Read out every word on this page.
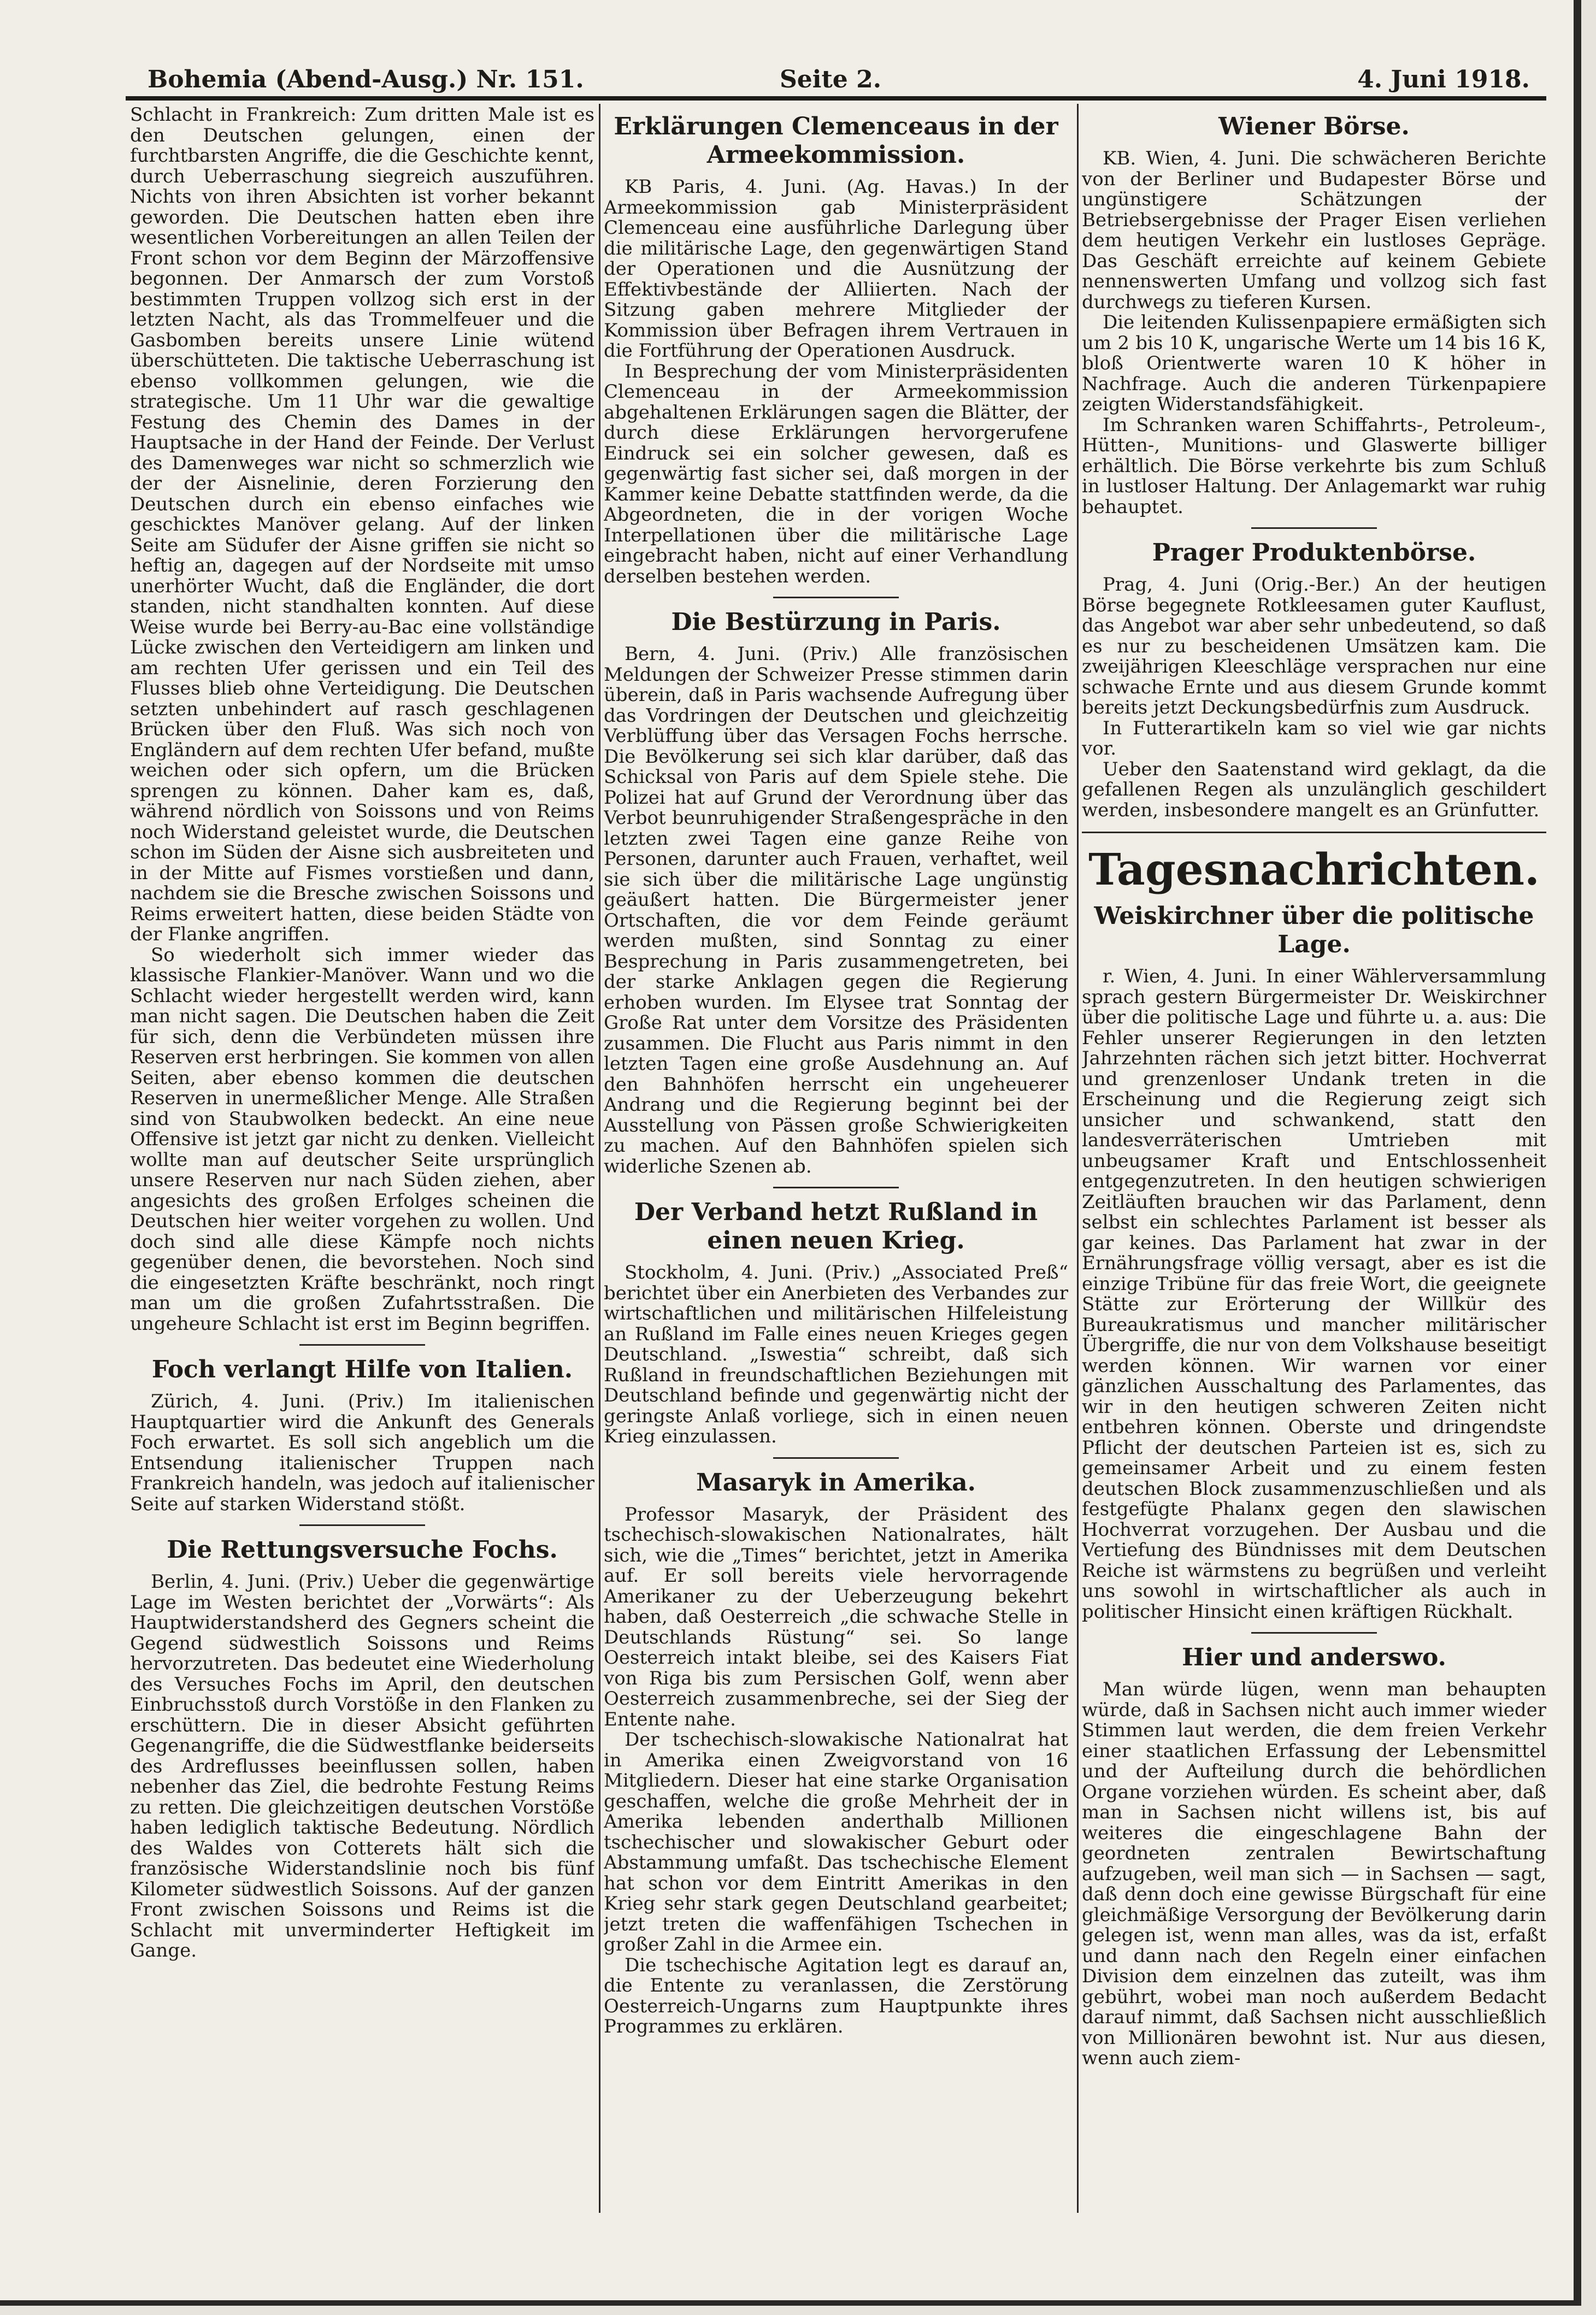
Bohemia (Abend-Ausg.) Nr. 151.	Seite 2.	4. Juni 1918.

Schlacht in Frankreich: Zum dritten Male ist es den Deutschen gelungen, einen der furchtbarsten Angriffe, die die Geschichte kennt, durch Ueberraschung siegreich auszuführen. Nichts von ihren Absichten ist vorher bekannt geworden. Die Deutschen hatten eben ihre wesentlichen Vorbereitungen an allen Teilen der Front schon vor dem Beginn der Märzoffensive begonnen. Der Anmarsch der zum Vorstoß bestimmten Truppen vollzog sich erst in der letzten Nacht, als das Trommelfeuer und die Gasbomben bereits unsere Linie wütend überschütteten. Die taktische Ueberraschung ist ebenso vollkommen gelungen, wie die strategische. Um 11 Uhr war die gewaltige Festung des Chemin des Dames in der Hauptsache in der Hand der Feinde. Der Verlust des Damenweges war nicht so schmerzlich wie der der Aisnelinie, deren Forzierung den Deutschen durch ein ebenso einfaches wie geschicktes Manöver gelang. Auf der linken Seite am Südufer der Aisne griffen sie nicht so heftig an, dagegen auf der Nordseite mit umso unerhörter Wucht, daß die Engländer, die dort standen, nicht standhalten konnten. Auf diese Weise wurde bei Berry-au-Bac eine vollständige Lücke zwischen den Verteidigern am linken und am rechten Ufer gerissen und ein Teil des Flusses blieb ohne Verteidigung. Die Deutschen setzten unbehindert auf rasch geschlagenen Brücken über den Fluß. Was sich noch von Engländern auf dem rechten Ufer befand, mußte weichen oder sich opfern, um die Brücken sprengen zu können. Daher kam es, daß, während nördlich von Soissons und von Reims noch Widerstand geleistet wurde, die Deutschen schon im Süden der Aisne sich ausbreiteten und in der Mitte auf Fismes vorstießen und dann, nachdem sie die Bresche zwischen Soissons und Reims erweitert hatten, diese beiden Städte von der Flanke angriffen.

So wiederholt sich immer wieder das klassische Flankier-Manöver. Wann und wo die Schlacht wieder hergestellt werden wird, kann man nicht sagen. Die Deutschen haben die Zeit für sich, denn die Verbündeten müssen ihre Reserven erst herbringen. Sie kommen von allen Seiten, aber ebenso kommen die deutschen Reserven in unermeßlicher Menge. Alle Straßen sind von Staubwolken bedeckt. An eine neue Offensive ist jetzt gar nicht zu denken. Vielleicht wollte man auf deutscher Seite ursprünglich unsere Reserven nur nach Süden ziehen, aber angesichts des großen Erfolges scheinen die Deutschen hier weiter vorgehen zu wollen. Und doch sind alle diese Kämpfe noch nichts gegenüber denen, die bevorstehen. Noch sind die eingesetzten Kräfte beschränkt, noch ringt man um die großen Zufahrtsstraßen. Die ungeheure Schlacht ist erst im Beginn begriffen.

Foch verlangt Hilfe von Italien.

Zürich, 4. Juni. (Priv.) Im italienischen Hauptquartier wird die Ankunft des Generals Foch erwartet. Es soll sich angeblich um die Entsendung italienischer Truppen nach Frankreich handeln, was jedoch auf italienischer Seite auf starken Widerstand stößt.

Die Rettungsversuche Fochs.

Berlin, 4. Juni. (Priv.) Ueber die gegenwärtige Lage im Westen berichtet der „Vorwärts“: Als Hauptwiderstandsherd des Gegners scheint die Gegend südwestlich Soissons und Reims hervorzutreten. Das bedeutet eine Wiederholung des Versuches Fochs im April, den deutschen Einbruchsstoß durch Vorstöße in den Flanken zu erschüttern. Die in dieser Absicht geführten Gegenangriffe, die die Südwestflanke beiderseits des Ardreflusses beeinflussen sollen, haben nebenher das Ziel, die bedrohte Festung Reims zu retten. Die gleichzeitigen deutschen Vorstöße haben lediglich taktische Bedeutung. Nördlich des Waldes von Cotterets hält sich die französische Widerstandslinie noch bis fünf Kilometer südwestlich Soissons. Auf der ganzen Front zwischen Soissons und Reims ist die Schlacht mit unverminderter Heftigkeit im Gange.

Erklärungen Clemenceaus in der Armeekommission.

KB Paris, 4. Juni. (Ag. Havas.) In der Armeekommission gab Ministerpräsident Clemenceau eine ausführliche Darlegung über die militärische Lage, den gegenwärtigen Stand der Operationen und die Ausnützung der Effektivbestände der Alliierten. Nach der Sitzung gaben mehrere Mitglieder der Kommission über Befragen ihrem Vertrauen in die Fortführung der Operationen Ausdruck.

In Besprechung der vom Ministerpräsidenten Clemenceau in der Armeekommission abgehaltenen Erklärungen sagen die Blätter, der durch diese Erklärungen hervorgerufene Eindruck sei ein solcher gewesen, daß es gegenwärtig fast sicher sei, daß morgen in der Kammer keine Debatte stattfinden werde, da die Abgeordneten, die in der vorigen Woche Interpellationen über die militärische Lage eingebracht haben, nicht auf einer Verhandlung derselben bestehen werden.

Die Bestürzung in Paris.

Bern, 4. Juni. (Priv.) Alle französischen Meldungen der Schweizer Presse stimmen darin überein, daß in Paris wachsende Aufregung über das Vordringen der Deutschen und gleichzeitig Verblüffung über das Versagen Fochs herrsche. Die Bevölkerung sei sich klar darüber, daß das Schicksal von Paris auf dem Spiele stehe. Die Polizei hat auf Grund der Verordnung über das Verbot beunruhigender Straßengespräche in den letzten zwei Tagen eine ganze Reihe von Personen, darunter auch Frauen, verhaftet, weil sie sich über die militärische Lage ungünstig geäußert hatten. Die Bürgermeister jener Ortschaften, die vor dem Feinde geräumt werden mußten, sind Sonntag zu einer Besprechung in Paris zusammengetreten, bei der starke Anklagen gegen die Regierung erhoben wurden. Im Elysee trat Sonntag der Große Rat unter dem Vorsitze des Präsidenten zusammen. Die Flucht aus Paris nimmt in den letzten Tagen eine große Ausdehnung an. Auf den Bahnhöfen herrscht ein ungeheuerer Andrang und die Regierung beginnt bei der Ausstellung von Pässen große Schwierigkeiten zu machen. Auf den Bahnhöfen spielen sich widerliche Szenen ab.

Der Verband hetzt Rußland in einen neuen Krieg.

Stockholm, 4. Juni. (Priv.) „Associated Preß“ berichtet über ein Anerbieten des Verbandes zur wirtschaftlichen und militärischen Hilfeleistung an Rußland im Falle eines neuen Krieges gegen Deutschland. „Iswestia“ schreibt, daß sich Rußland in freundschaftlichen Beziehungen mit Deutschland befinde und gegenwärtig nicht der geringste Anlaß vorliege, sich in einen neuen Krieg einzulassen.

Masaryk in Amerika.

Professor Masaryk, der Präsident des tschechisch-slowakischen Nationalrates, hält sich, wie die „Times“ berichtet, jetzt in Amerika auf. Er soll bereits viele hervorragende Amerikaner zu der Ueberzeugung bekehrt haben, daß Oesterreich „die schwache Stelle in Deutschlands Rüstung“ sei. So lange Oesterreich intakt bleibe, sei des Kaisers Fiat von Riga bis zum Persischen Golf, wenn aber Oesterreich zusammenbreche, sei der Sieg der Entente nahe.

Der tschechisch-slowakische Nationalrat hat in Amerika einen Zweigvorstand von 16 Mitgliedern. Dieser hat eine starke Organisation geschaffen, welche die große Mehrheit der in Amerika lebenden anderthalb Millionen tschechischer und slowakischer Geburt oder Abstammung umfaßt. Das tschechische Element hat schon vor dem Eintritt Amerikas in den Krieg sehr stark gegen Deutschland gearbeitet; jetzt treten die waffenfähigen Tschechen in großer Zahl in die Armee ein.

Die tschechische Agitation legt es darauf an, die Entente zu veranlassen, die Zerstörung Oesterreich-Ungarns zum Hauptpunkte ihres Programmes zu erklären.

Wiener Börse.

KB. Wien, 4. Juni. Die schwächeren Berichte von der Berliner und Budapester Börse und ungünstigere Schätzungen der Betriebsergebnisse der Prager Eisen verliehen dem heutigen Verkehr ein lustloses Gepräge. Das Geschäft erreichte auf keinem Gebiete nennenswerten Umfang und vollzog sich fast durchwegs zu tieferen Kursen.

Die leitenden Kulissenpapiere ermäßigten sich um 2 bis 10 K, ungarische Werte um 14 bis 16 K, bloß Orientwerte waren 10 K höher in Nachfrage. Auch die anderen Türkenpapiere zeigten Widerstandsfähigkeit.

Im Schranken waren Schiffahrts-, Petroleum-, Hütten-, Munitions- und Glaswerte billiger erhältlich. Die Börse verkehrte bis zum Schluß in lustloser Haltung. Der Anlagemarkt war ruhig behauptet.

Prager Produktenbörse.

Prag, 4. Juni (Orig.-Ber.) An der heutigen Börse begegnete Rotkleesamen guter Kauflust, das Angebot war aber sehr unbedeutend, so daß es nur zu bescheidenen Umsätzen kam. Die zweijährigen Kleeschläge versprachen nur eine schwache Ernte und aus diesem Grunde kommt bereits jetzt Deckungsbedürfnis zum Ausdruck.

In Futterartikeln kam so viel wie gar nichts vor.

Ueber den Saatenstand wird geklagt, da die gefallenen Regen als unzulänglich geschildert werden, insbesondere mangelt es an Grünfutter.

Tagesnachrichten.
Weiskirchner über die politische Lage.

r. Wien, 4. Juni. In einer Wählerversammlung sprach gestern Bürgermeister Dr. Weiskirchner über die politische Lage und führte u. a. aus: Die Fehler unserer Regierungen in den letzten Jahrzehnten rächen sich jetzt bitter. Hochverrat und grenzenloser Undank treten in die Erscheinung und die Regierung zeigt sich unsicher und schwankend, statt den landesverräterischen Umtrieben mit unbeugsamer Kraft und Entschlossenheit entgegenzutreten. In den heutigen schwierigen Zeitläuften brauchen wir das Parlament, denn selbst ein schlechtes Parlament ist besser als gar keines. Das Parlament hat zwar in der Ernährungsfrage völlig versagt, aber es ist die einzige Tribüne für das freie Wort, die geeignete Stätte zur Erörterung der Willkür des Bureaukratismus und mancher militärischer Übergriffe, die nur von dem Volkshause beseitigt werden können. Wir warnen vor einer gänzlichen Ausschaltung des Parlamentes, das wir in den heutigen schweren Zeiten nicht entbehren können. Oberste und dringendste Pflicht der deutschen Parteien ist es, sich zu gemeinsamer Arbeit und zu einem festen deutschen Block zusammenzuschließen und als festgefügte Phalanx gegen den slawischen Hochverrat vorzugehen. Der Ausbau und die Vertiefung des Bündnisses mit dem Deutschen Reiche ist wärmstens zu begrüßen und verleiht uns sowohl in wirtschaftlicher als auch in politischer Hinsicht einen kräftigen Rückhalt.

Hier und anderswo.

Man würde lügen, wenn man behaupten würde, daß in Sachsen nicht auch immer wieder Stimmen laut werden, die dem freien Verkehr einer staatlichen Erfassung der Lebensmittel und der Aufteilung durch die behördlichen Organe vorziehen würden. Es scheint aber, daß man in Sachsen nicht willens ist, bis auf weiteres die eingeschlagene Bahn der geordneten zentralen Bewirtschaftung aufzugeben, weil man sich — in Sachsen — sagt, daß denn doch eine gewisse Bürgschaft für eine gleichmäßige Versorgung der Bevölkerung darin gelegen ist, wenn man alles, was da ist, erfaßt und dann nach den Regeln einer einfachen Division dem einzelnen das zuteilt, was ihm gebührt, wobei man noch außerdem Bedacht darauf nimmt, daß Sachsen nicht ausschließlich von Millionären bewohnt ist. Nur aus diesen, wenn auch ziem-
